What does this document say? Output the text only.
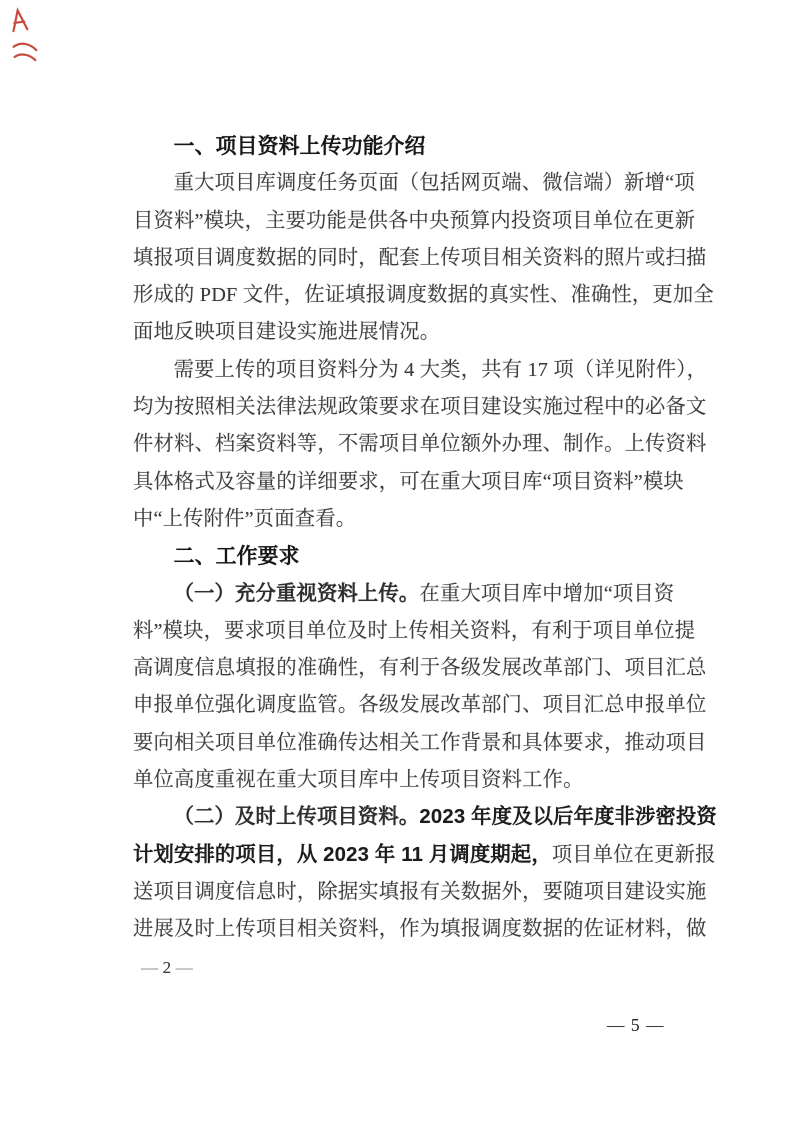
一、项目资料上传功能介绍
重大项目库调度任务页面（包括网页端、微信端）新增“项
目资料”模块，主要功能是供各中央预算内投资项目单位在更新
填报项目调度数据的同时，配套上传项目相关资料的照片或扫描
形成的 PDF 文件，佐证填报调度数据的真实性、准确性，更加全
面地反映项目建设实施进展情况。
需要上传的项目资料分为 4 大类，共有 17 项（详见附件），
均为按照相关法律法规政策要求在项目建设实施过程中的必备文
件材料、档案资料等，不需项目单位额外办理、制作。上传资料
具体格式及容量的详细要求，可在重大项目库“项目资料”模块
中“上传附件”页面查看。
二、工作要求
（一）充分重视资料上传。在重大项目库中增加“项目资
料”模块，要求项目单位及时上传相关资料，有利于项目单位提
高调度信息填报的准确性，有利于各级发展改革部门、项目汇总
申报单位强化调度监管。各级发展改革部门、项目汇总申报单位
要向相关项目单位准确传达相关工作背景和具体要求，推动项目
单位高度重视在重大项目库中上传项目资料工作。
（二）及时上传项目资料。2023 年度及以后年度非涉密投资
计划安排的项目，从 2023 年 11 月调度期起，项目单位在更新报
送项目调度信息时，除据实填报有关数据外，要随项目建设实施
进展及时上传项目相关资料，作为填报调度数据的佐证材料，做
— 2 —
— 5 —
